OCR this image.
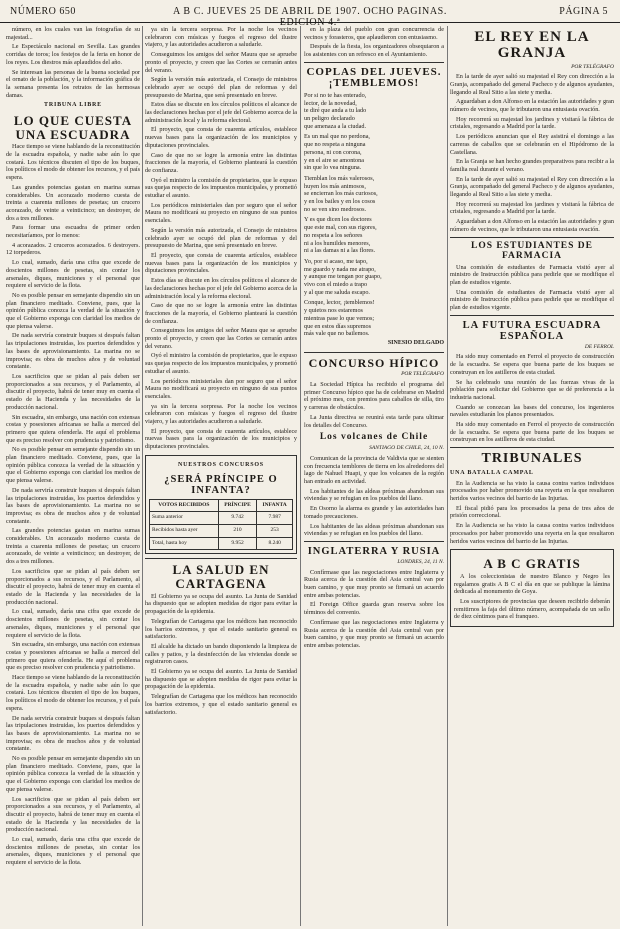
NÚMERO 650	A B C. JUEVES 25 DE ABRIL DE 1907. OCHO PAGINAS. EDICION 4.ª
PÁGINA 5

número, en los cuales van las fotografías de su majestad...

Le Espectáculo nacional en Sevilla. Las grandes corridas de toros; los festejos de la feria en honor de los reyes. Los diestros más aplaudidos del año.

Se interesan las personas de la buena sociedad por el ornato de la población, y la información gráfica de la semana presenta los retratos de las hermosas damas.

TRIBUNA LIBRE
LO QUE CUESTA UNA ESCUADRA

Hace tiempo se viene hablando de la reconstitución de la escuadra española, y nadie sabe aún lo que costará. Los técnicos discuten el tipo de los buques, los políticos el modo de obtener los recursos, y el país espera.

Las grandes potencias gastan en marina sumas considerables. Un acorazado moderno cuesta de treinta a cuarenta millones de pesetas; un crucero acorazado, de veinte a veinticinco; un destroyer, de dos a tres millones.

Para formar una escuadra de primer orden necesitaríamos, por lo menos:

4 acorazados. 2 cruceros acorazados. 6 destroyers. 12 torpederos.

Lo cual, sumado, daría una cifra que excede de doscientos millones de pesetas, sin contar los arsenales, diques, municiones y el personal que requiere el servicio de la flota.

No es posible pensar en semejante dispendio sin un plan financiero meditado. Conviene, pues, que la opinión pública conozca la verdad de la situación y que el Gobierno exponga con claridad los medios de que piensa valerse.

De nada serviría construir buques si después faltan las tripulaciones instruidas, los puertos defendidos y las bases de aprovisionamiento. La marina no se improvisa; es obra de muchos años y de voluntad constante.

Los sacrificios que se pidan al país deben ser proporcionados a sus recursos, y el Parlamento, al discutir el proyecto, habrá de tener muy en cuenta el estado de la Hacienda y las necesidades de la producción nacional.

Sin escuadra, sin embargo, una nación con extensas costas y posesiones africanas se halla a merced del primero que quiera ofenderla. He aquí el problema que es preciso resolver con prudencia y patriotismo.

No es posible pensar en semejante dispendio sin un plan financiero meditado. Conviene, pues, que la opinión pública conozca la verdad de la situación y que el Gobierno exponga con claridad los medios de que piensa valerse.

De nada serviría construir buques si después faltan las tripulaciones instruidas, los puertos defendidos y las bases de aprovisionamiento. La marina no se improvisa; es obra de muchos años y de voluntad constante.

Las grandes potencias gastan en marina sumas considerables. Un acorazado moderno cuesta de treinta a cuarenta millones de pesetas; un crucero acorazado, de veinte a veinticinco; un destroyer, de dos a tres millones.

Los sacrificios que se pidan al país deben ser proporcionados a sus recursos, y el Parlamento, al discutir el proyecto, habrá de tener muy en cuenta el estado de la Hacienda y las necesidades de la producción nacional.

Lo cual, sumado, daría una cifra que excede de doscientos millones de pesetas, sin contar los arsenales, diques, municiones y el personal que requiere el servicio de la flota.

Sin escuadra, sin embargo, una nación con extensas costas y posesiones africanas se halla a merced del primero que quiera ofenderla. He aquí el problema que es preciso resolver con prudencia y patriotismo.

Hace tiempo se viene hablando de la reconstitución de la escuadra española, y nadie sabe aún lo que costará. Los técnicos discuten el tipo de los buques, los políticos el modo de obtener los recursos, y el país espera.

De nada serviría construir buques si después faltan las tripulaciones instruidas, los puertos defendidos y las bases de aprovisionamiento. La marina no se improvisa; es obra de muchos años y de voluntad constante.

No es posible pensar en semejante dispendio sin un plan financiero meditado. Conviene, pues, que la opinión pública conozca la verdad de la situación y que el Gobierno exponga con claridad los medios de que piensa valerse.

Los sacrificios que se pidan al país deben ser proporcionados a sus recursos, y el Parlamento, al discutir el proyecto, habrá de tener muy en cuenta el estado de la Hacienda y las necesidades de la producción nacional.

Lo cual, sumado, daría una cifra que excede de doscientos millones de pesetas, sin contar los arsenales, diques, municiones y el personal que requiere el servicio de la flota.

ya sin la tercera sorpresa. Por la noche los vecinos celebraron con músicas y fuegos el regreso del ilustre viajero, y las autoridades acudieron a saludarle.

Conseguimos los amigos del señor Maura que se apruebe pronto el proyecto, y creen que las Cortes se cerrarán antes del verano.

Según la versión más autorizada, el Consejo de ministros celebrado ayer se ocupó del plan de reformas y del presupuesto de Marina, que será presentado en breve.

Estos días se discute en los círculos políticos el alcance de las declaraciones hechas por el jefe del Gobierno acerca de la administración local y la reforma electoral.

El proyecto, que consta de cuarenta artículos, establece nuevas bases para la organización de los municipios y diputaciones provinciales.

Caso de que no se logre la armonía entre las distintas fracciones de la mayoría, el Gobierno planteará la cuestión de confianza.

Oyó el ministro la comisión de propietarios, que le expuso sus quejas respecto de los impuestos municipales, y prometió estudiar el asunto.

Los periódicos ministeriales dan por seguro que el señor Maura no modificará su proyecto en ninguno de sus puntos esenciales.

Según la versión más autorizada, el Consejo de ministros celebrado ayer se ocupó del plan de reformas y del presupuesto de Marina, que será presentado en breve.

El proyecto, que consta de cuarenta artículos, establece nuevas bases para la organización de los municipios y diputaciones provinciales.

Estos días se discute en los círculos políticos el alcance de las declaraciones hechas por el jefe del Gobierno acerca de la administración local y la reforma electoral.

Caso de que no se logre la armonía entre las distintas fracciones de la mayoría, el Gobierno planteará la cuestión de confianza.

Conseguimos los amigos del señor Maura que se apruebe pronto el proyecto, y creen que las Cortes se cerrarán antes del verano.

Oyó el ministro la comisión de propietarios, que le expuso sus quejas respecto de los impuestos municipales, y prometió estudiar el asunto.

Los periódicos ministeriales dan por seguro que el señor Maura no modificará su proyecto en ninguno de sus puntos esenciales.

ya sin la tercera sorpresa. Por la noche los vecinos celebraron con músicas y fuegos el regreso del ilustre viajero, y las autoridades acudieron a saludarle.

El proyecto, que consta de cuarenta artículos, establece nuevas bases para la organización de los municipios y diputaciones provinciales.

NUESTROS CONCURSOS
¿SERÁ PRÍNCIPE O INFANTA?
VOTOS RECIBIDOS	PRÍNCIPE	INFANTA
Suma anterior	9.742	7.987
Recibidos hasta ayer	210	253
Total, hasta hoy	9.952	8.240
LA SALUD EN CARTAGENA

El Gobierno ya se ocupa del asunto. La Junta de Sanidad ha dispuesto que se adopten medidas de rigor para evitar la propagación de la epidemia.

Telegrafían de Cartagena que los médicos han reconocido los barrios extremos, y que el estado sanitario general es satisfactorio.

El alcalde ha dictado un bando disponiendo la limpieza de calles y patios, y la desinfección de las viviendas donde se registraron casos.

El Gobierno ya se ocupa del asunto. La Junta de Sanidad ha dispuesto que se adopten medidas de rigor para evitar la propagación de la epidemia.

Telegrafían de Cartagena que los médicos han reconocido los barrios extremos, y que el estado sanitario general es satisfactorio.

en la plaza del pueblo con gran concurrencia de vecinos y forasteros, que aplaudieron con entusiasmo.

Después de la fiesta, los organizadores obsequiaron a los asistentes con un refresco en el Ayuntamiento.

COPLAS DEL JUEVES. ¡TEMBLEMOS!

Por si no te has enterado,

lector, de la novedad,

te diré que anda a tu lado

un peligro declarado

que amenaza a la ciudad.

Es un mal que no perdona,

que no respeta a ninguna

persona, ni con corona,

y en el aire se amontona

sin que lo vea ninguna.

Tiemblan los más valerosos,

huyen los más animosos,

se encierran los más curiosos,

y en los bailes y en los cosos

no se ven sino medrosos.

Y es que dicen los doctores

que este mal, con sus rigores,

no respeta a los señores

ni a los humildes menores,

ni a las damas ni a las flores.

Yo, por si acaso, me tapo,

me guardo y nada me atrapo,

y aunque me tengan por guapo,

vivo con el miedo a trapo

y al que me saluda escapo.

Conque, lector, ¡temblemos!

y quietos nos estaremos

mientras pase lo que vemos;

que en estos días supremos

más vale que no bailemos.

SINESIO DELGADO
CONCURSO HÍPICO
POR TELÉGRAFO

La Sociedad Hípica ha recibido el programa del primer Concurso hípico que ha de celebrarse en Madrid el próximo mes, con premios para caballos de silla, tiro y carreras de obstáculos.

La Junta directiva se reunirá esta tarde para ultimar los detalles del Concurso.

Los volcanes de Chile
SANTIAGO DE CHILE, 24, 10 N.

Comunican de la provincia de Valdivia que se sienten con frecuencia temblores de tierra en los alrededores del lago de Nahuel Huapi, y que los volcanes de la región han entrado en actividad.

Los habitantes de las aldeas próximas abandonan sus viviendas y se refugian en los pueblos del llano.

En Osorno la alarma es grande y las autoridades han tomado precauciones.

Los habitantes de las aldeas próximas abandonan sus viviendas y se refugian en los pueblos del llano.

INGLATERRA Y RUSIA
LONDRES, 24, 11 N.

Confírmase que las negociaciones entre Inglaterra y Rusia acerca de la cuestión del Asia central van por buen camino, y que muy pronto se firmará un acuerdo entre ambas potencias.

El Foreign Office guarda gran reserva sobre los términos del convenio.

Confírmase que las negociaciones entre Inglaterra y Rusia acerca de la cuestión del Asia central van por buen camino, y que muy pronto se firmará un acuerdo entre ambas potencias.

EL REY EN LA GRANJA
POR TELÉGRAFO

En la tarde de ayer salió su majestad el Rey con dirección a la Granja, acompañado del general Pacheco y de algunos ayudantes, llegando al Real Sitio a las siete y media.

Aguardaban a don Alfonso en la estación las autoridades y gran número de vecinos, que le tributaron una entusiasta ovación.

Hoy recorrerá su majestad los jardines y visitará la fábrica de cristales, regresando a Madrid por la tarde.

Los periódicos anuncian que el Rey asistirá el domingo a las carreras de caballos que se celebrarán en el Hipódromo de la Castellana.

En la Granja se han hecho grandes preparativos para recibir a la familia real durante el verano.

En la tarde de ayer salió su majestad el Rey con dirección a la Granja, acompañado del general Pacheco y de algunos ayudantes, llegando al Real Sitio a las siete y media.

Hoy recorrerá su majestad los jardines y visitará la fábrica de cristales, regresando a Madrid por la tarde.

Aguardaban a don Alfonso en la estación las autoridades y gran número de vecinos, que le tributaron una entusiasta ovación.

LOS ESTUDIANTES DE FARMACIA

Una comisión de estudiantes de Farmacia visitó ayer al ministro de Instrucción pública para pedirle que se modifique el plan de estudios vigente.

Una comisión de estudiantes de Farmacia visitó ayer al ministro de Instrucción pública para pedirle que se modifique el plan de estudios vigente.

LA FUTURA ESCUADRA ESPAÑOLA
DE FERROL

Ha sido muy comentado en Ferrol el proyecto de construcción de la escuadra. Se espera que buena parte de los buques se construyan en los astilleros de esta ciudad.

Se ha celebrado una reunión de las fuerzas vivas de la población para solicitar del Gobierno que se dé preferencia a la industria nacional.

Cuando se conozcan las bases del concurso, los ingenieros navales estudiarán los planos presentados.

Ha sido muy comentado en Ferrol el proyecto de construcción de la escuadra. Se espera que buena parte de los buques se construyan en los astilleros de esta ciudad.

TRIBUNALES
UNA BATALLA CAMPAL

En la Audiencia se ha visto la causa contra varios individuos procesados por haber promovido una reyerta en la que resultaron heridos varios vecinos del barrio de las Injurias.

El fiscal pidió para los procesados la pena de tres años de prisión correccional.

En la Audiencia se ha visto la causa contra varios individuos procesados por haber promovido una reyerta en la que resultaron heridos varios vecinos del barrio de las Injurias.

A B C GRATIS

A los coleccionistas de nuestro Blanco y Negro les regalamos gratis A B C el día en que se publique la lámina dedicada al monumento de Goya.

Los suscriptores de provincias que deseen recibirlo deberán remitirnos la faja del último número, acompañada de un sello de diez céntimos para el franqueo.
